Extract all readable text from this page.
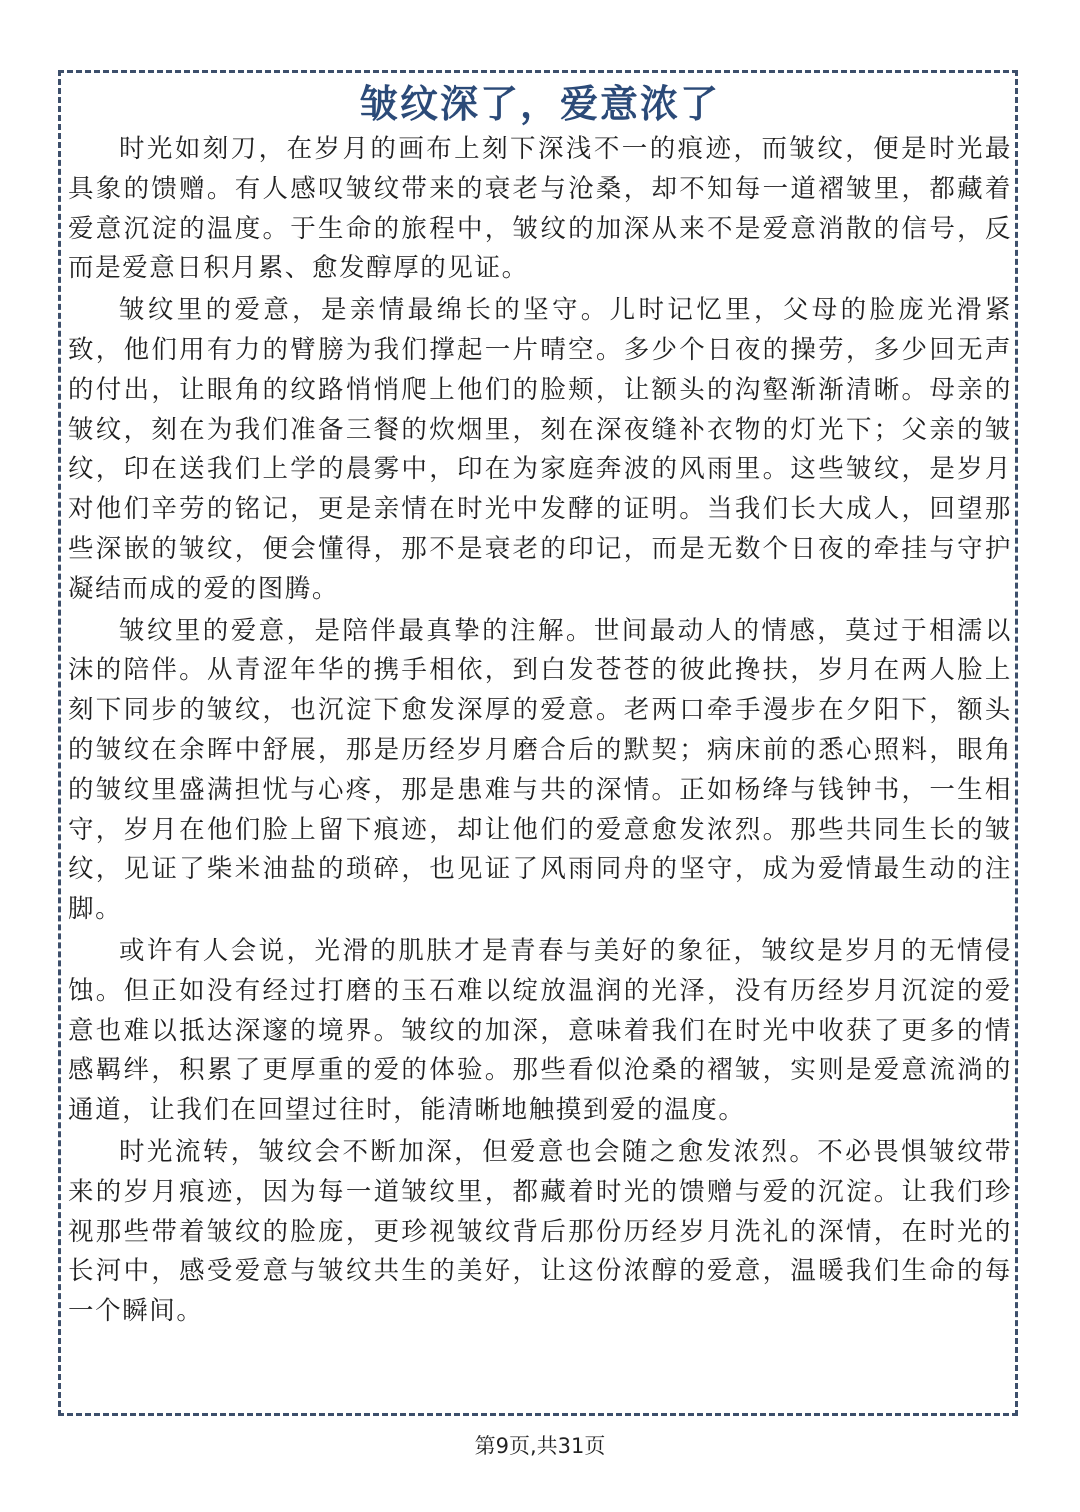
皱纹深了，爱意浓了

时光如刻刀，在岁月的画布上刻下深浅不一的痕迹，而皱纹，便是时光最具象的馈赠。有人感叹皱纹带来的衰老与沧桑，却不知每一道褶皱里，都藏着爱意沉淀的温度。于生命的旅程中，皱纹的加深从来不是爱意消散的信号，反而是爱意日积月累、愈发醇厚的见证。

皱纹里的爱意，是亲情最绵长的坚守。儿时记忆里，父母的脸庞光滑紧致，他们用有力的臂膀为我们撑起一片晴空。多少个日夜的操劳，多少回无声的付出，让眼角的纹路悄悄爬上他们的脸颊，让额头的沟壑渐渐清晰。母亲的皱纹，刻在为我们准备三餐的炊烟里，刻在深夜缝补衣物的灯光下；父亲的皱纹，印在送我们上学的晨雾中，印在为家庭奔波的风雨里。这些皱纹，是岁月对他们辛劳的铭记，更是亲情在时光中发酵的证明。当我们长大成人，回望那些深嵌的皱纹，便会懂得，那不是衰老的印记，而是无数个日夜的牵挂与守护凝结而成的爱的图腾。

皱纹里的爱意，是陪伴最真挚的注解。世间最动人的情感，莫过于相濡以沫的陪伴。从青涩年华的携手相依，到白发苍苍的彼此搀扶，岁月在两人脸上刻下同步的皱纹，也沉淀下愈发深厚的爱意。老两口牵手漫步在夕阳下，额头的皱纹在余晖中舒展，那是历经岁月磨合后的默契；病床前的悉心照料，眼角的皱纹里盛满担忧与心疼，那是患难与共的深情。正如杨绛与钱钟书，一生相守，岁月在他们脸上留下痕迹，却让他们的爱意愈发浓烈。那些共同生长的皱纹，见证了柴米油盐的琐碎，也见证了风雨同舟的坚守，成为爱情最生动的注脚。

或许有人会说，光滑的肌肤才是青春与美好的象征，皱纹是岁月的无情侵蚀。但正如没有经过打磨的玉石难以绽放温润的光泽，没有历经岁月沉淀的爱意也难以抵达深邃的境界。皱纹的加深，意味着我们在时光中收获了更多的情感羁绊，积累了更厚重的爱的体验。那些看似沧桑的褶皱，实则是爱意流淌的通道，让我们在回望过往时，能清晰地触摸到爱的温度。

时光流转，皱纹会不断加深，但爱意也会随之愈发浓烈。不必畏惧皱纹带来的岁月痕迹，因为每一道皱纹里，都藏着时光的馈赠与爱的沉淀。让我们珍视那些带着皱纹的脸庞，更珍视皱纹背后那份历经岁月洗礼的深情，在时光的长河中，感受爱意与皱纹共生的美好，让这份浓醇的爱意，温暖我们生命的每一个瞬间。

第9页,共31页
